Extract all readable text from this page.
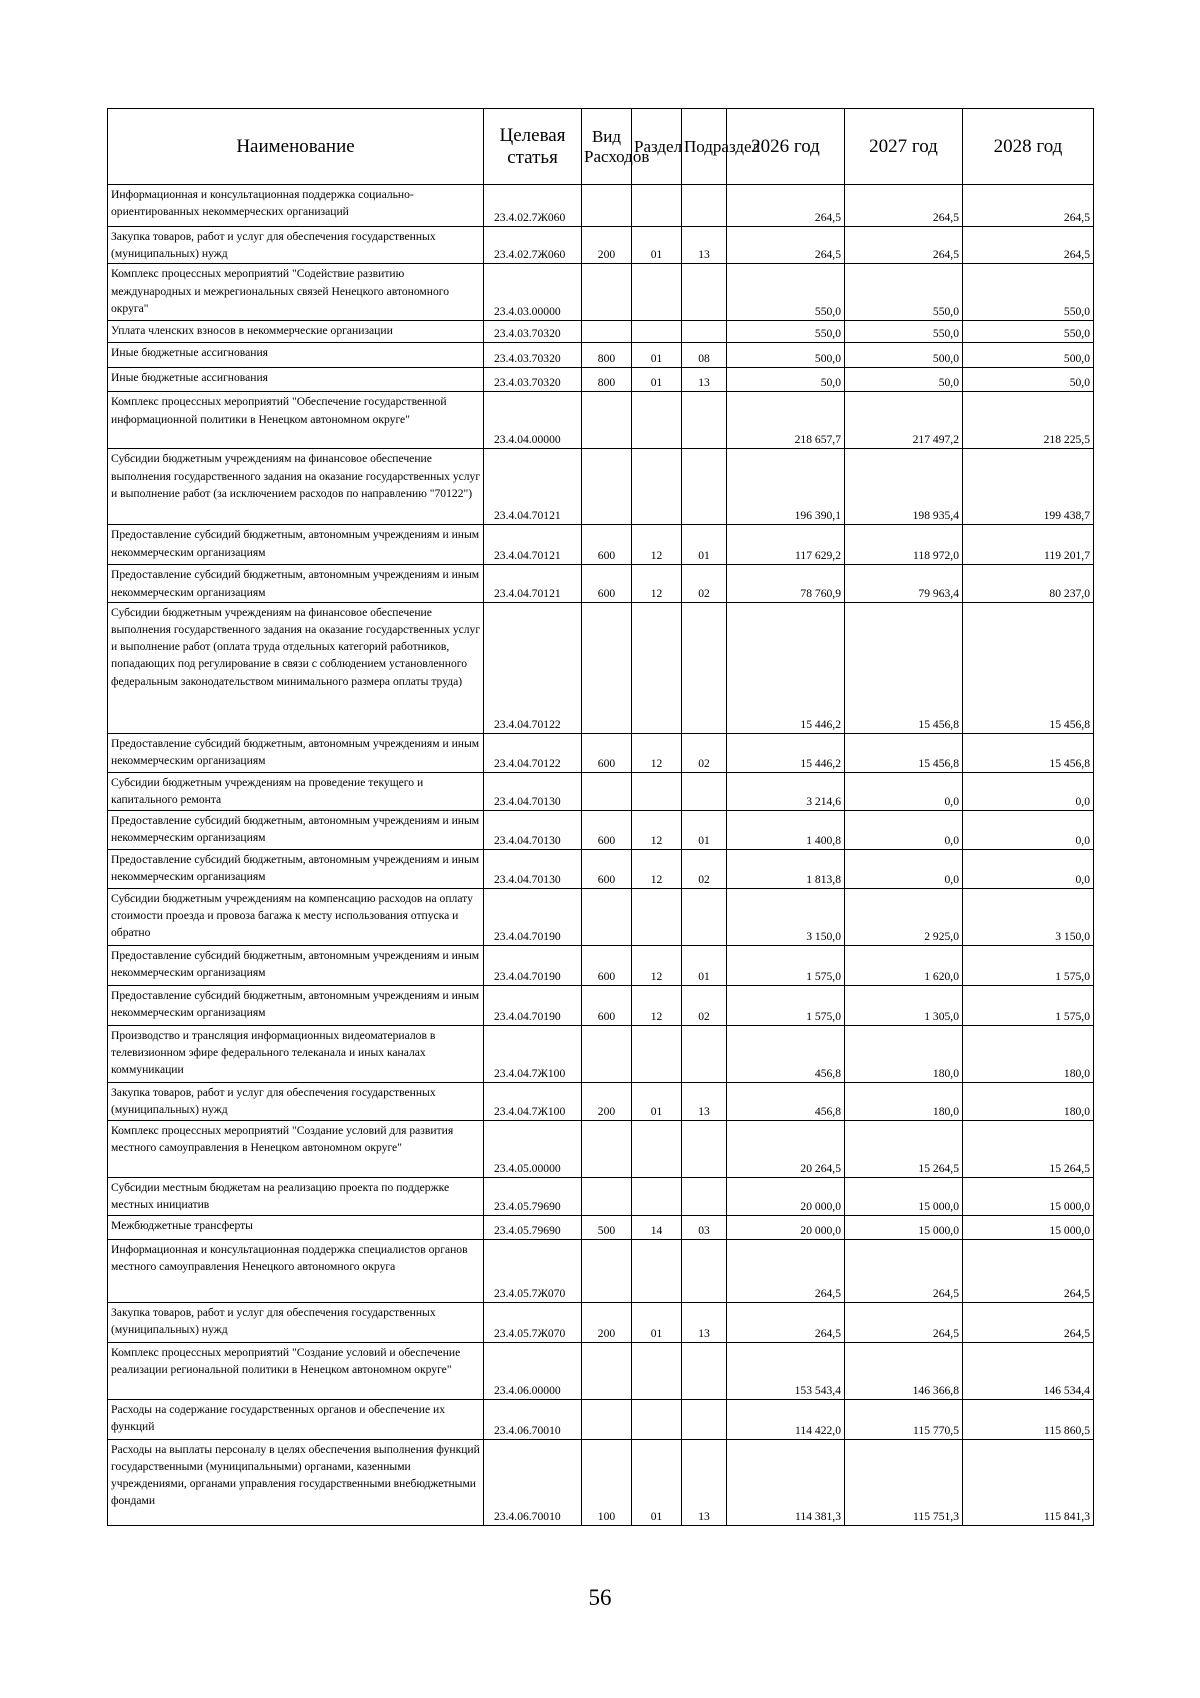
Наименование	Целевая статья	Вид Расходов	Раздел	Подраздел	2026 год	2027 год	2028 год
Информационная и консультационная поддержка социально-ориентированных некоммерческих организаций	23.4.02.7Ж060				264,5	264,5	264,5
Закупка товаров, работ и услуг для обеспечения государственных (муниципальных) нужд	23.4.02.7Ж060	200	01	13	264,5	264,5	264,5
Комплекс процессных мероприятий "Содействие развитию международных и межрегиональных связей Ненецкого автономного округа"	23.4.03.00000				550,0	550,0	550,0
Уплата членских взносов в некоммерческие организации	23.4.03.70320				550,0	550,0	550,0
Иные бюджетные ассигнования	23.4.03.70320	800	01	08	500,0	500,0	500,0
Иные бюджетные ассигнования	23.4.03.70320	800	01	13	50,0	50,0	50,0
Комплекс процессных мероприятий "Обеспечение государственной информационной политики в Ненецком автономном округе"	23.4.04.00000				218 657,7	217 497,2	218 225,5
Субсидии бюджетным учреждениям на финансовое обеспечение выполнения государственного задания на оказание государственных услуг и выполнение работ (за исключением расходов по направлению "70122")	23.4.04.70121				196 390,1	198 935,4	199 438,7
Предоставление субсидий бюджетным, автономным учреждениям и иным некоммерческим организациям	23.4.04.70121	600	12	01	117 629,2	118 972,0	119 201,7
Предоставление субсидий бюджетным, автономным учреждениям и иным некоммерческим организациям	23.4.04.70121	600	12	02	78 760,9	79 963,4	80 237,0
Субсидии бюджетным учреждениям на финансовое обеспечение выполнения государственного задания на оказание государственных услуг и выполнение работ (оплата труда отдельных категорий работников, попадающих под регулирование в связи с соблюдением установленного федеральным законодательством минимального размера оплаты труда)	23.4.04.70122				15 446,2	15 456,8	15 456,8
Предоставление субсидий бюджетным, автономным учреждениям и иным некоммерческим организациям	23.4.04.70122	600	12	02	15 446,2	15 456,8	15 456,8
Субсидии бюджетным учреждениям на проведение текущего и капитального ремонта	23.4.04.70130				3 214,6	0,0	0,0
Предоставление субсидий бюджетным, автономным учреждениям и иным некоммерческим организациям	23.4.04.70130	600	12	01	1 400,8	0,0	0,0
Предоставление субсидий бюджетным, автономным учреждениям и иным некоммерческим организациям	23.4.04.70130	600	12	02	1 813,8	0,0	0,0
Субсидии бюджетным учреждениям на компенсацию расходов на оплату стоимости проезда и провоза багажа к месту использования отпуска и обратно	23.4.04.70190				3 150,0	2 925,0	3 150,0
Предоставление субсидий бюджетным, автономным учреждениям и иным некоммерческим организациям	23.4.04.70190	600	12	01	1 575,0	1 620,0	1 575,0
Предоставление субсидий бюджетным, автономным учреждениям и иным некоммерческим организациям	23.4.04.70190	600	12	02	1 575,0	1 305,0	1 575,0
Производство и трансляция информационных видеоматериалов в телевизионном эфире федерального телеканала и иных каналах коммуникации	23.4.04.7Ж100				456,8	180,0	180,0
Закупка товаров, работ и услуг для обеспечения государственных (муниципальных) нужд	23.4.04.7Ж100	200	01	13	456,8	180,0	180,0
Комплекс процессных мероприятий "Создание условий для развития местного самоуправления в Ненецком автономном округе"	23.4.05.00000				20 264,5	15 264,5	15 264,5
Субсидии местным бюджетам на реализацию проекта по поддержке местных инициатив	23.4.05.79690				20 000,0	15 000,0	15 000,0
Межбюджетные трансферты	23.4.05.79690	500	14	03	20 000,0	15 000,0	15 000,0
Информационная и консультационная поддержка специалистов органов местного самоуправления Ненецкого автономного округа	23.4.05.7Ж070				264,5	264,5	264,5
Закупка товаров, работ и услуг для обеспечения государственных (муниципальных) нужд	23.4.05.7Ж070	200	01	13	264,5	264,5	264,5
Комплекс процессных мероприятий "Создание условий и обеспечение реализации региональной политики в Ненецком автономном округе"	23.4.06.00000				153 543,4	146 366,8	146 534,4
Расходы на содержание государственных органов и обеспечение их функций	23.4.06.70010				114 422,0	115 770,5	115 860,5
Расходы на выплаты персоналу в целях обеспечения выполнения функций государственными (муниципальными) органами, казенными учреждениями, органами управления государственными внебюджетными фондами	23.4.06.70010	100	01	13	114 381,3	115 751,3	115 841,3
56
